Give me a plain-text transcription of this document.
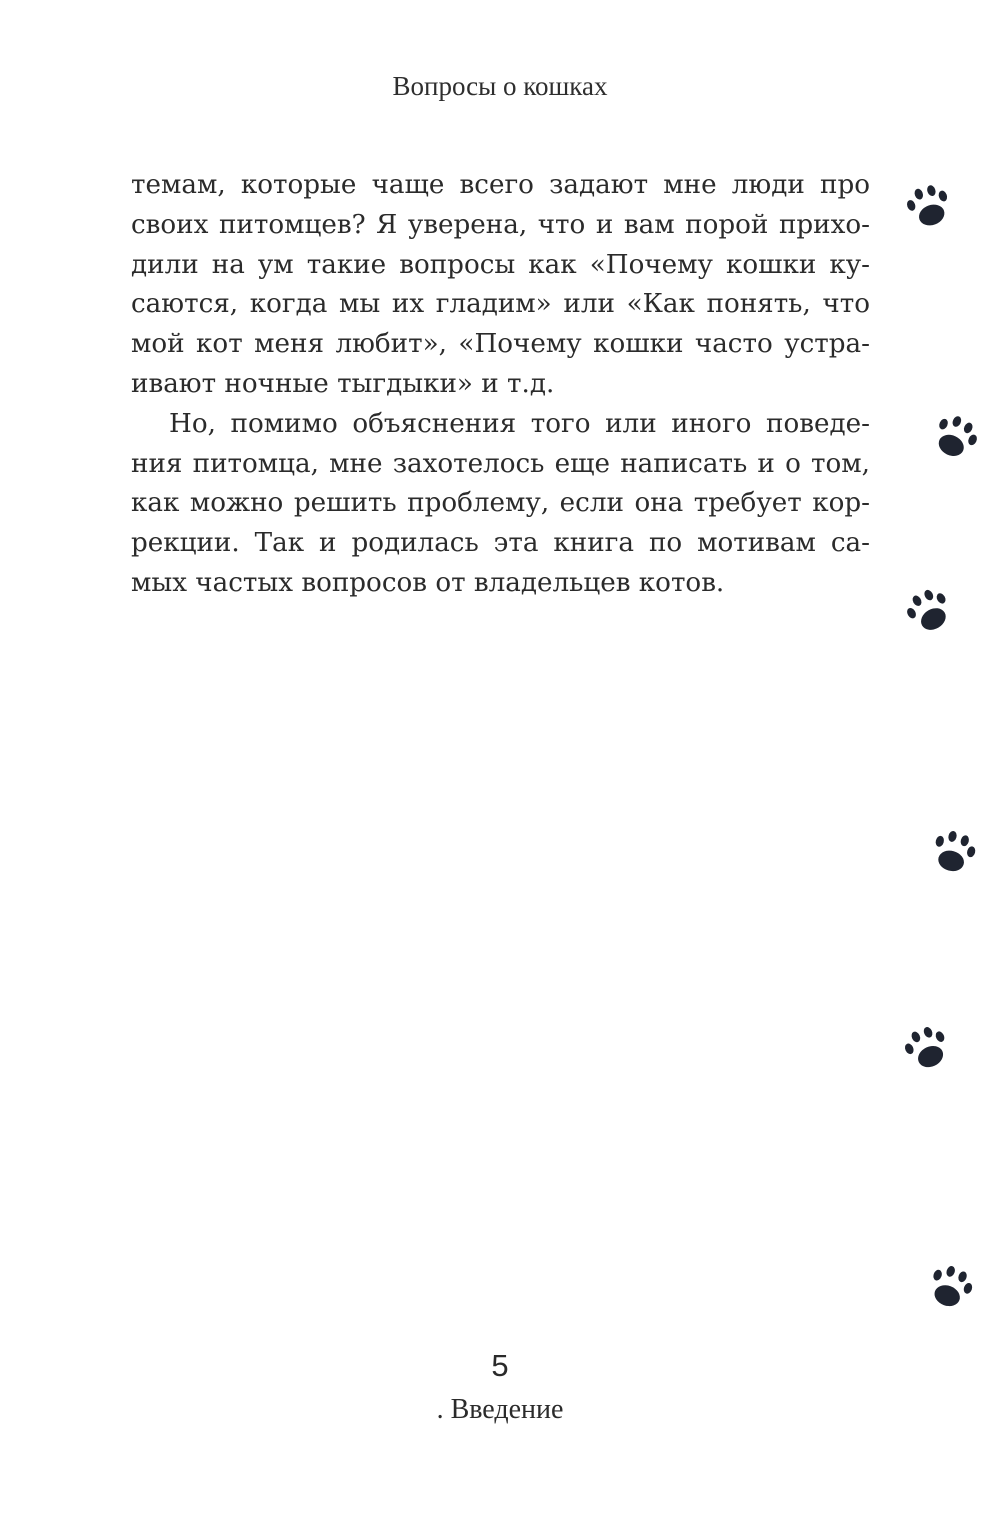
Вопросы о кошках

темам, которые чаще всего задают мне люди про
своих питомцев? Я уверена, что и вам порой прихо-
дили на ум такие вопросы как «Почему кошки ку-
саются, когда мы их гладим» или «Как понять, что
мой кот меня любит», «Почему кошки часто устра-
ивают ночные тыгдыки» и т.д.

Но, помимо объяснения того или иного поведе-
ния питомца, мне захотелось еще написать и о том,
как можно решить проблему, если она требует кор-
рекции. Так и родилась эта книга по мотивам са-
мых частых вопросов от владельцев котов.

5
. Введение
